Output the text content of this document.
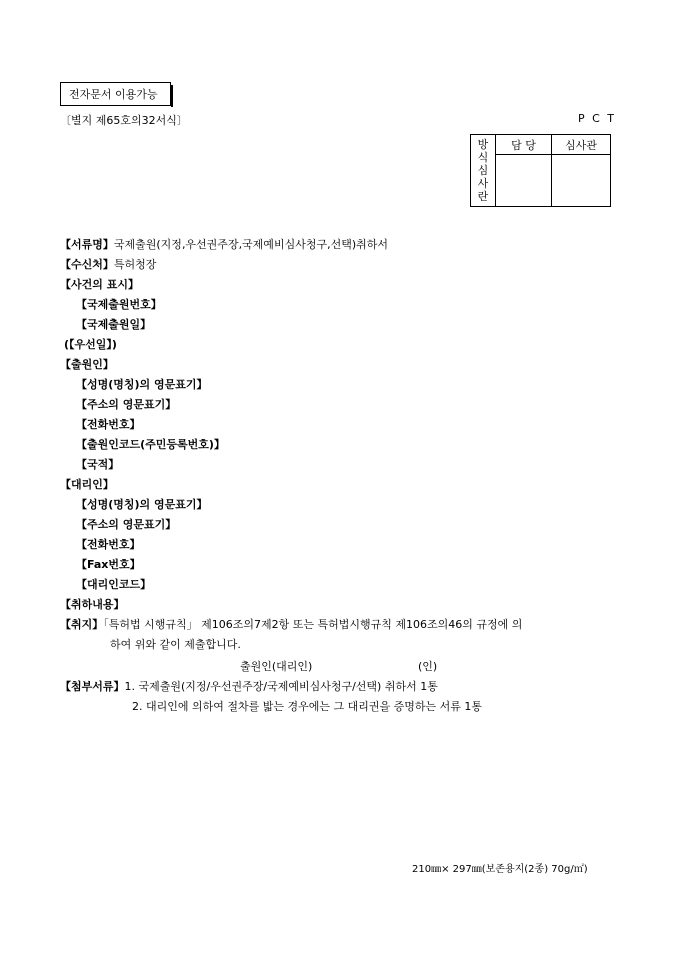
전자문서 이용가능
〔별지 제65호의32서식〕	P C T
방
식
심
사
란	담 당	심사관

【서류명】국제출원(지정,우선권주장,국제예비심사청구,선택)취하서
【수신처】특허청장
【사건의 표시】
【국제출원번호】
【국제출원일】
(【우선일】)
【출원인】
【성명(명칭)의 영문표기】
【주소의 영문표기】
【전화번호】
【출원인코드(주민등록번호)】
【국적】
【대리인】
【성명(명칭)의 영문표기】
【주소의 영문표기】
【전화번호】
【Fax번호】
【대리인코드】
【취하내용】
【취지】「특허법 시행규칙」 제106조의7제2항 또는 특허법시행규칙 제106조의46의 규정에 의
하여 위와 같이 제출합니다.
출원인(대리인)	(인)
【첨부서류】1. 국제출원(지정/우선권주장/국제예비심사청구/선택) 취하서 1통
2. 대리인에 의하여 절차를 밟는 경우에는 그 대리권을 증명하는 서류 1통
210㎜× 297㎜(보존용지(2종) 70g/㎡)
